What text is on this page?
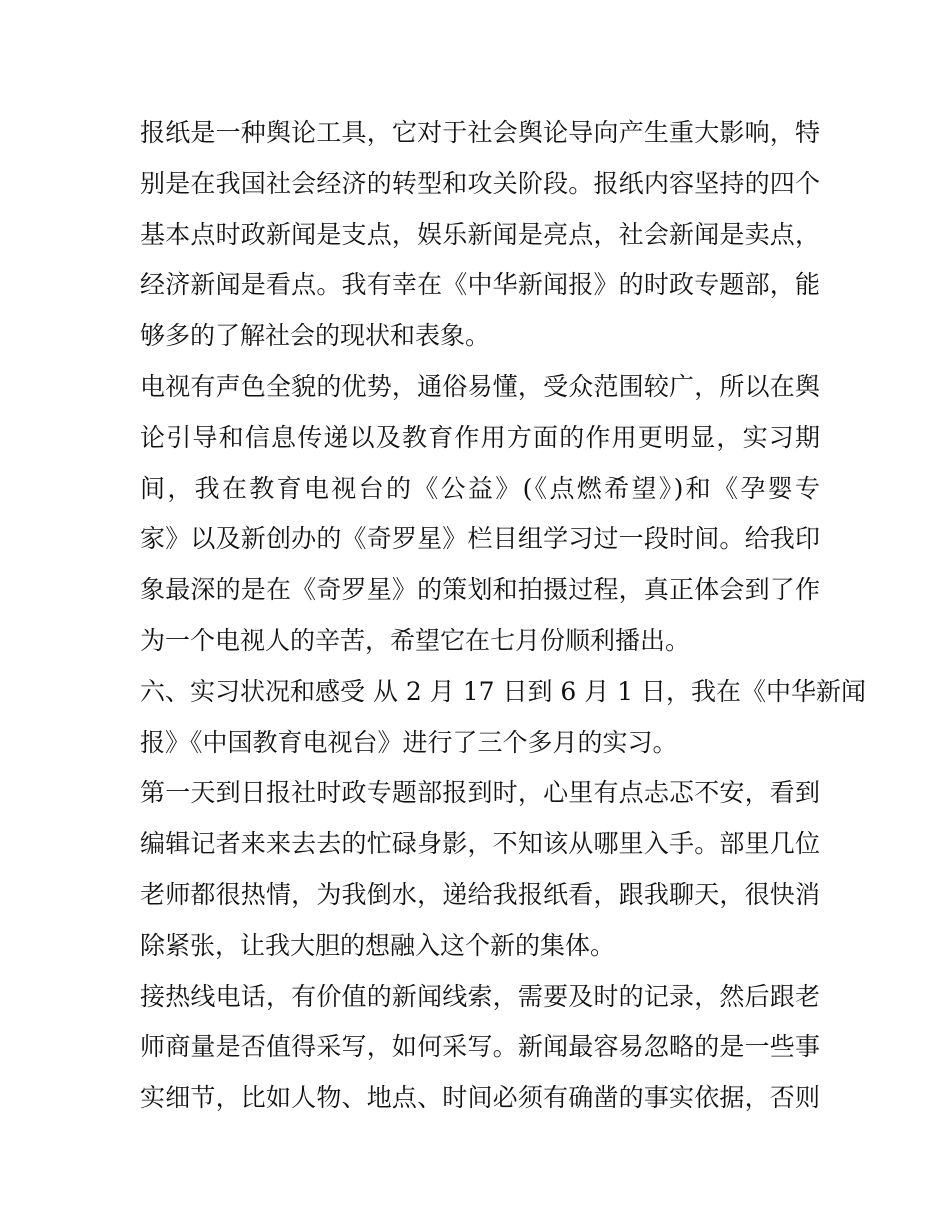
报纸是一种舆论工具，它对于社会舆论导向产生重大影响，特
别是在我国社会经济的转型和攻关阶段。报纸内容坚持的四个
基本点时政新闻是支点，娱乐新闻是亮点，社会新闻是卖点，
经济新闻是看点。我有幸在《中华新闻报》的时政专题部，能
够多的了解社会的现状和表象。
电视有声色全貌的优势，通俗易懂，受众范围较广，所以在舆
论引导和信息传递以及教育作用方面的作用更明显，实习期
间，我在教育电视台的《公益》(《点燃希望》)和《孕婴专
家》以及新创办的《奇罗星》栏目组学习过一段时间。给我印
象最深的是在《奇罗星》的策划和拍摄过程，真正体会到了作
为一个电视人的辛苦，希望它在七月份顺利播出。
六、实习状况和感受 从 2 月 17 日到 6 月 1 日，我在《中华新闻
报》《中国教育电视台》进行了三个多月的实习。
第一天到日报社时政专题部报到时，心里有点忐忑不安，看到
编辑记者来来去去的忙碌身影，不知该从哪里入手。部里几位
老师都很热情，为我倒水，递给我报纸看，跟我聊天，很快消
除紧张，让我大胆的想融入这个新的集体。
接热线电话，有价值的新闻线索，需要及时的记录，然后跟老
师商量是否值得采写，如何采写。新闻最容易忽略的是一些事
实细节，比如人物、地点、时间必须有确凿的事实依据，否则
